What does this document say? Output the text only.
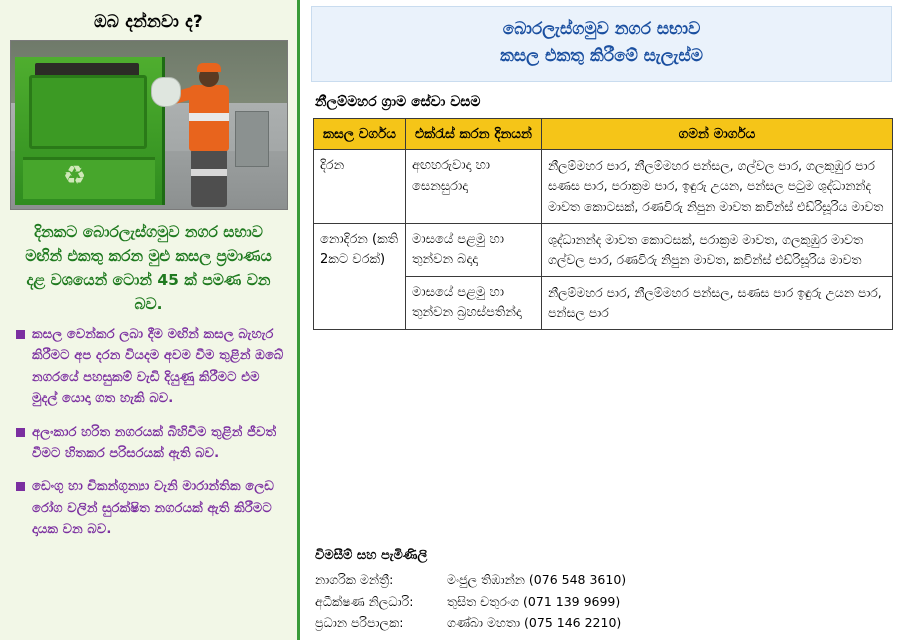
ඔබ දන්නවා ද?
♻
දිනකට බොරලැස්ගමුව නගර සභාව මඟින් එකතු කරන මුළු කසල ප්‍රමාණය දළ වශයෙන් ටොන් 45 ක් පමණ වන බව.
කසල වෙන්කර ලබා දීම මඟින් කසල බැහැර කිරීමට අප දරන වියදම අවම වීම තුළින් ඔබේ නගරයේ පහසුකම් වැඩි දියුණු කිරීමට එම මුදල් යොදා ගත හැකි බව.
අලංකාර හරිත නගරයක් බිහිවීම තුළින් ජීවත් වීමට හිතකර පරිසරයක් ඇති බව.
ඩෙංගු හා චිකන්ගුන්‍යා වැනි මාරාන්තික ලෙඩ රෝග වලින් සුරක්ෂිත නගරයක් ඇති කිරීමට දායක වන බව.
බොරලැස්ගමුව නගර සභාව
කසල එකතු කිරීමේ සැලැස්ම
නීලම්මහර ග්‍රාම සේවා වසම
කසල වර්ගය	එක්රැස් කරන දිනයන්	ගමන් මාර්ගය
දිරන	අඟහරුවාදා හා සෙනසුරාදා	නීලම්මහර පාර, නීලම්මහර පන්සල, ගල්වල පාර, ගලකුඹුර පාර සණස පාර, පරාක්‍රම පාර, ඉඳුරු උයන, පන්සල පටුම ශුද්ධානන්ද මාවත කොටසක්, රණවිරු නිපුන මාවත කවින්ස් එඩ්රිසූරිය මාවත
නොදිරන (කති 2කට වරක්)	මාසයේ පළමු හා තුන්වන බදාදා	ශුද්ධානන්ද මාවත කොටසක්, පරාක්‍රම මාවත, ගලකුඹුර මාවත ගල්වල පාර, රණවිරු නිපුන මාවත, කවින්ස් එඩ්රිසූරිය මාවත
	මාසයේ පළමු හා තුන්වන බ්‍රහස්පතින්දා	නීලම්මහර පාර, නීලම්මහර පන්සල, සණස පාර ඉඳුරු උයන පාර, පන්සල පාර
විමසීම් සහ පැමිණිලි
නාගරික මන්ත්‍රී:	මංජුල තිඹාන්න (076 548 3610)
අධීක්ෂණ නිලධාරි:	තුසිත චතුරංග (071 139 9699)
ප්‍රධාන පරිපාලක:	ගණ්බා මහතා (075 146 2210)
